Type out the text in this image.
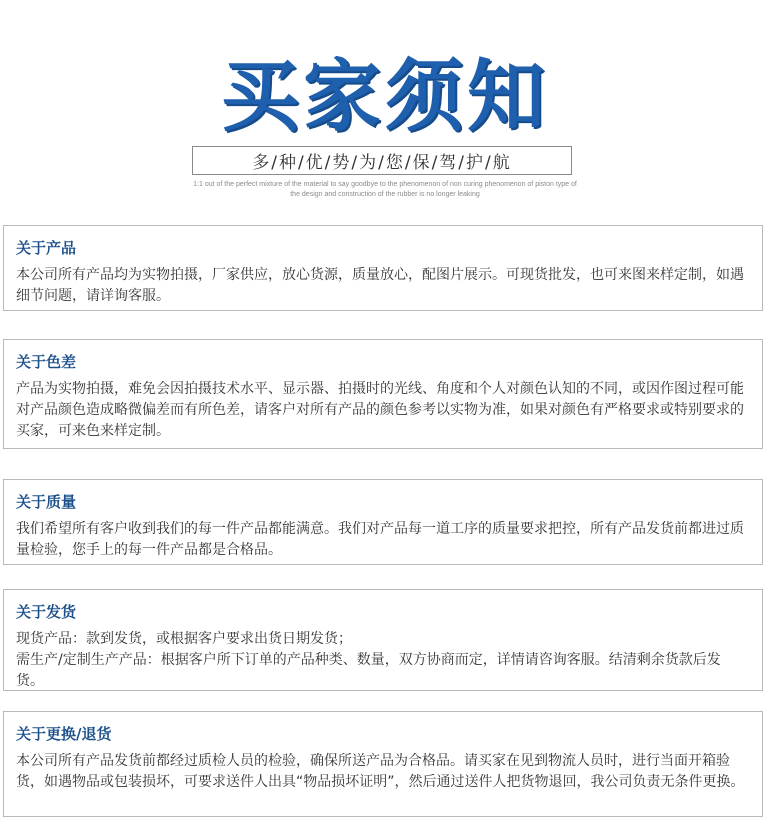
买家须知
多/种/优/势/为/您/保/驾/护/航
1:1 out of the perfect mixture of the material to say goodbye to the phenomenon of non curing phenomenon of piston type of the design and construction of the rubber is no longer leaking
关于产品

本公司所有产品均为实物拍摄，厂家供应，放心货源，质量放心，配图片展示。可现货批发，也可来图来样定制，如遇细节问题，请详询客服。

关于色差

产品为实物拍摄，难免会因拍摄技术水平、显示器、拍摄时的光线、角度和个人对颜色认知的不同，或因作图过程可能对产品颜色造成略微偏差而有所色差，请客户对所有产品的颜色参考以实物为准，如果对颜色有严格要求或特别要求的买家，可来色来样定制。

关于质量

我们希望所有客户收到我们的每一件产品都能满意。我们对产品每一道工序的质量要求把控，所有产品发货前都进过质量检验，您手上的每一件产品都是合格品。

关于发货

现货产品：款到发货，或根据客户要求出货日期发货；

需生产/定制生产产品：根据客户所下订单的产品种类、数量，双方协商而定，详情请咨询客服。结清剩余货款后发货。

关于更换/退货

本公司所有产品发货前都经过质检人员的检验，确保所送产品为合格品。请买家在见到物流人员时，进行当面开箱验货，如遇物品或包装损坏，可要求送件人出具“物品损坏证明”，然后通过送件人把货物退回，我公司负责无条件更换。
